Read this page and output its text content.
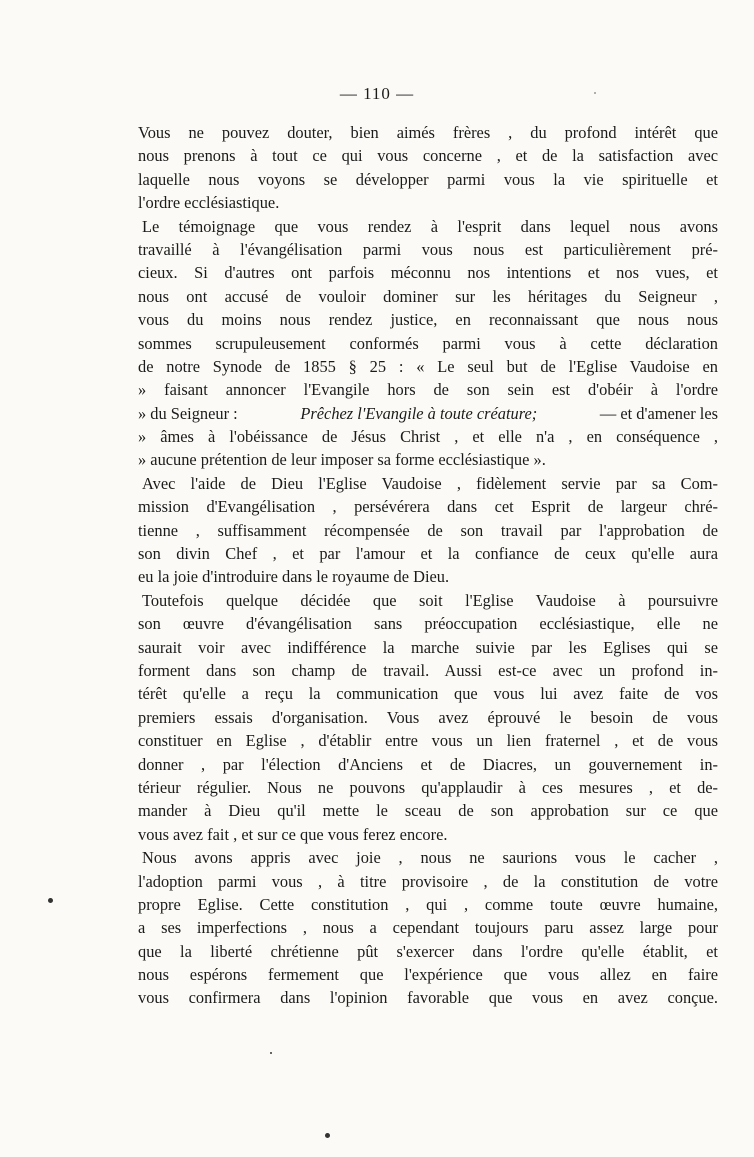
— 110 —
Vous ne pouvez douter, bien aimés frères , du profond intérêt que
nous prenons à tout ce qui vous concerne , et de la satisfaction avec
laquelle nous voyons se développer parmi vous la vie spirituelle et
l'ordre ecclésiastique.
Le témoignage que vous rendez à l'esprit dans lequel nous avons
travaillé à l'évangélisation parmi vous nous est particulièrement pré-
cieux. Si d'autres ont parfois méconnu nos intentions et nos vues, et
nous ont accusé de vouloir dominer sur les héritages du Seigneur ,
vous du moins nous rendez justice, en reconnaissant que nous nous
sommes scrupuleusement conformés parmi vous à cette déclaration
de notre Synode de 1855 § 25 : « Le seul but de l'Eglise Vaudoise en
» faisant annoncer l'Evangile hors de son sein est d'obéir à l'ordre
» du Seigneur :	Prêchez l'Evangile à toute créature;	— et d'amener les
» âmes à l'obéissance de Jésus Christ , et elle n'a , en conséquence ,
» aucune prétention de leur imposer sa forme ecclésiastique ».
Avec l'aide de Dieu l'Eglise Vaudoise , fidèlement servie par sa Com-
mission d'Evangélisation , persévérera dans cet Esprit de largeur chré-
tienne , suffisamment récompensée de son travail par l'approbation de
son divin Chef , et par l'amour et la confiance de ceux qu'elle aura
eu la joie d'introduire dans le royaume de Dieu.
Toutefois quelque décidée que soit l'Eglise Vaudoise à poursuivre
son œuvre d'évangélisation sans préoccupation ecclésiastique, elle ne
saurait voir avec indifférence la marche suivie par les Eglises qui se
forment dans son champ de travail. Aussi est-ce avec un profond in-
térêt qu'elle a reçu la communication que vous lui avez faite de vos
premiers essais d'organisation. Vous avez éprouvé le besoin de vous
constituer en Eglise , d'établir entre vous un lien fraternel , et de vous
donner , par l'élection d'Anciens et de Diacres, un gouvernement in-
térieur régulier. Nous ne pouvons qu'applaudir à ces mesures , et de-
mander à Dieu qu'il mette le sceau de son approbation sur ce que
vous avez fait , et sur ce que vous ferez encore.
Nous avons appris avec joie , nous ne saurions vous le cacher ,
l'adoption parmi vous , à titre provisoire , de la constitution de votre
propre Eglise. Cette constitution , qui , comme toute œuvre humaine,
a ses imperfections , nous a cependant toujours paru assez large pour
que la liberté chrétienne pût s'exercer dans l'ordre qu'elle établit, et
nous espérons fermement que l'expérience que vous allez en faire
vous confirmera dans l'opinion favorable que vous en avez conçue.
